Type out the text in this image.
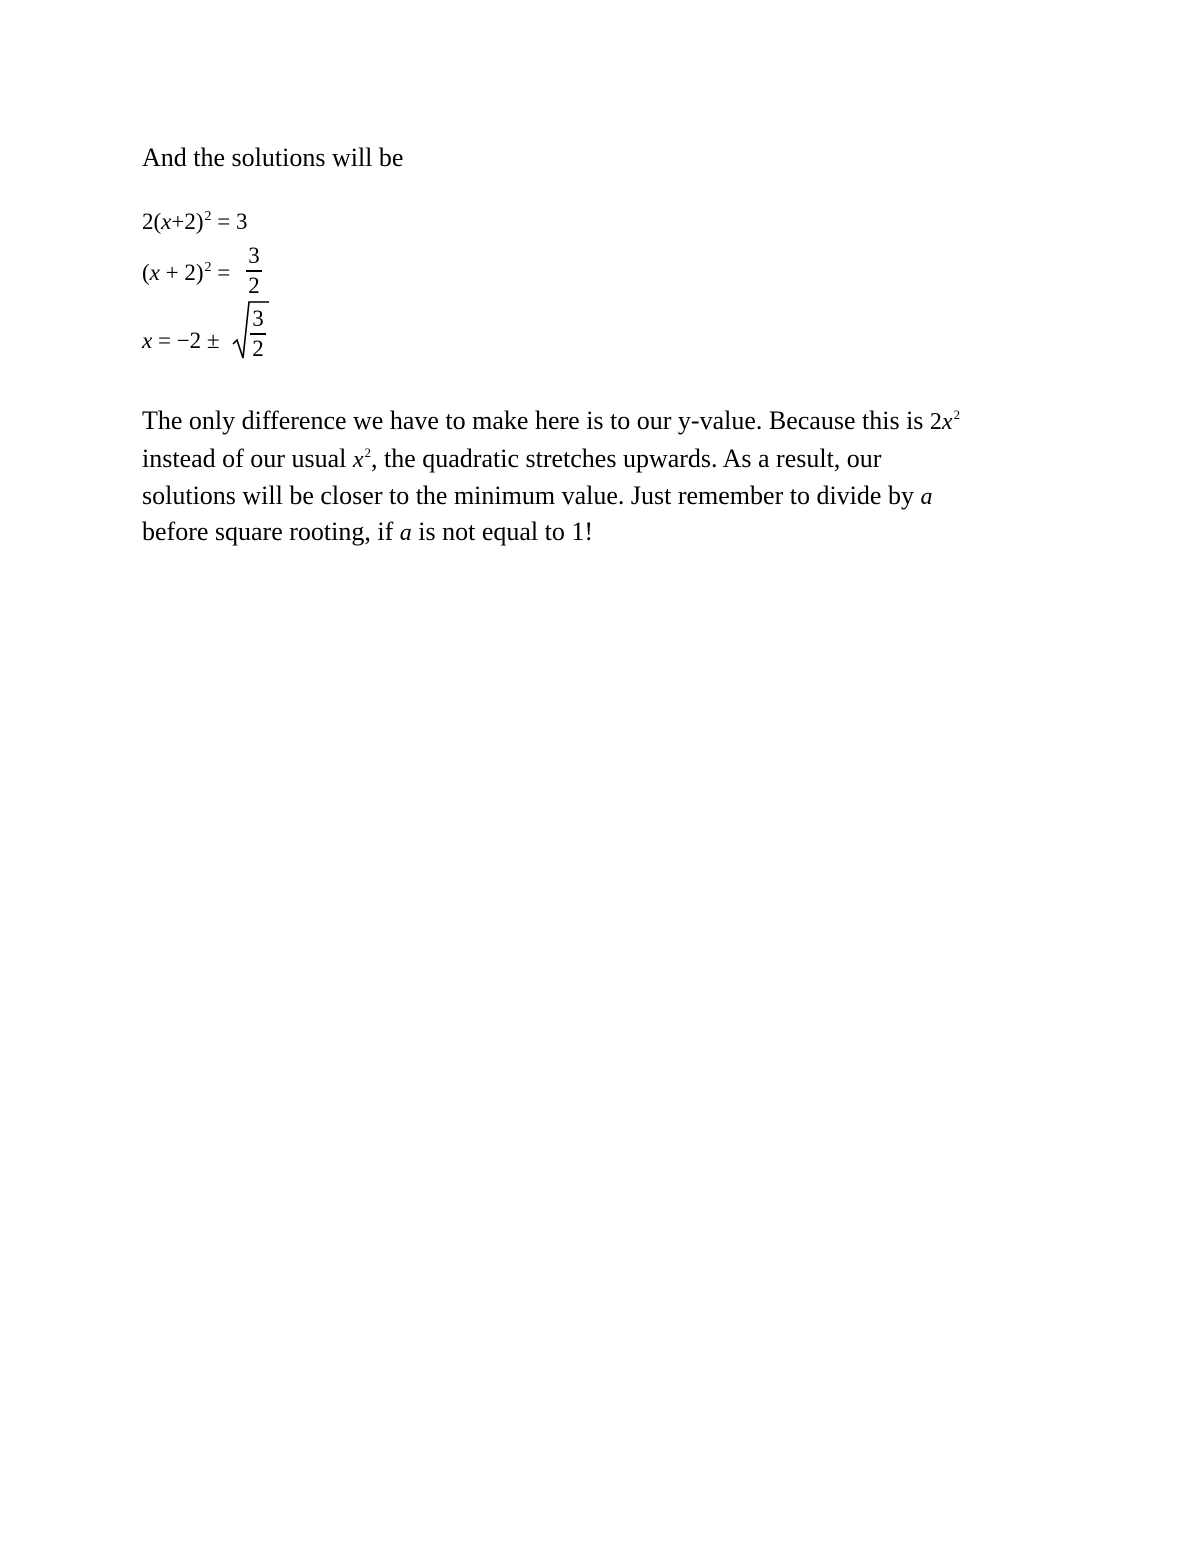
And the solutions will be
$2(x+2)^2 = 3$
$(x + 2)^2$ =
3
2
x = −2 ±
3
2
The only difference we have to make here is to our y-value. Because this is $2x^2$
instead of our usual $x^2$, the quadratic stretches upwards. As a result, our
solutions will be closer to the minimum value. Just remember to divide by a
before square rooting, if a is not equal to 1!
